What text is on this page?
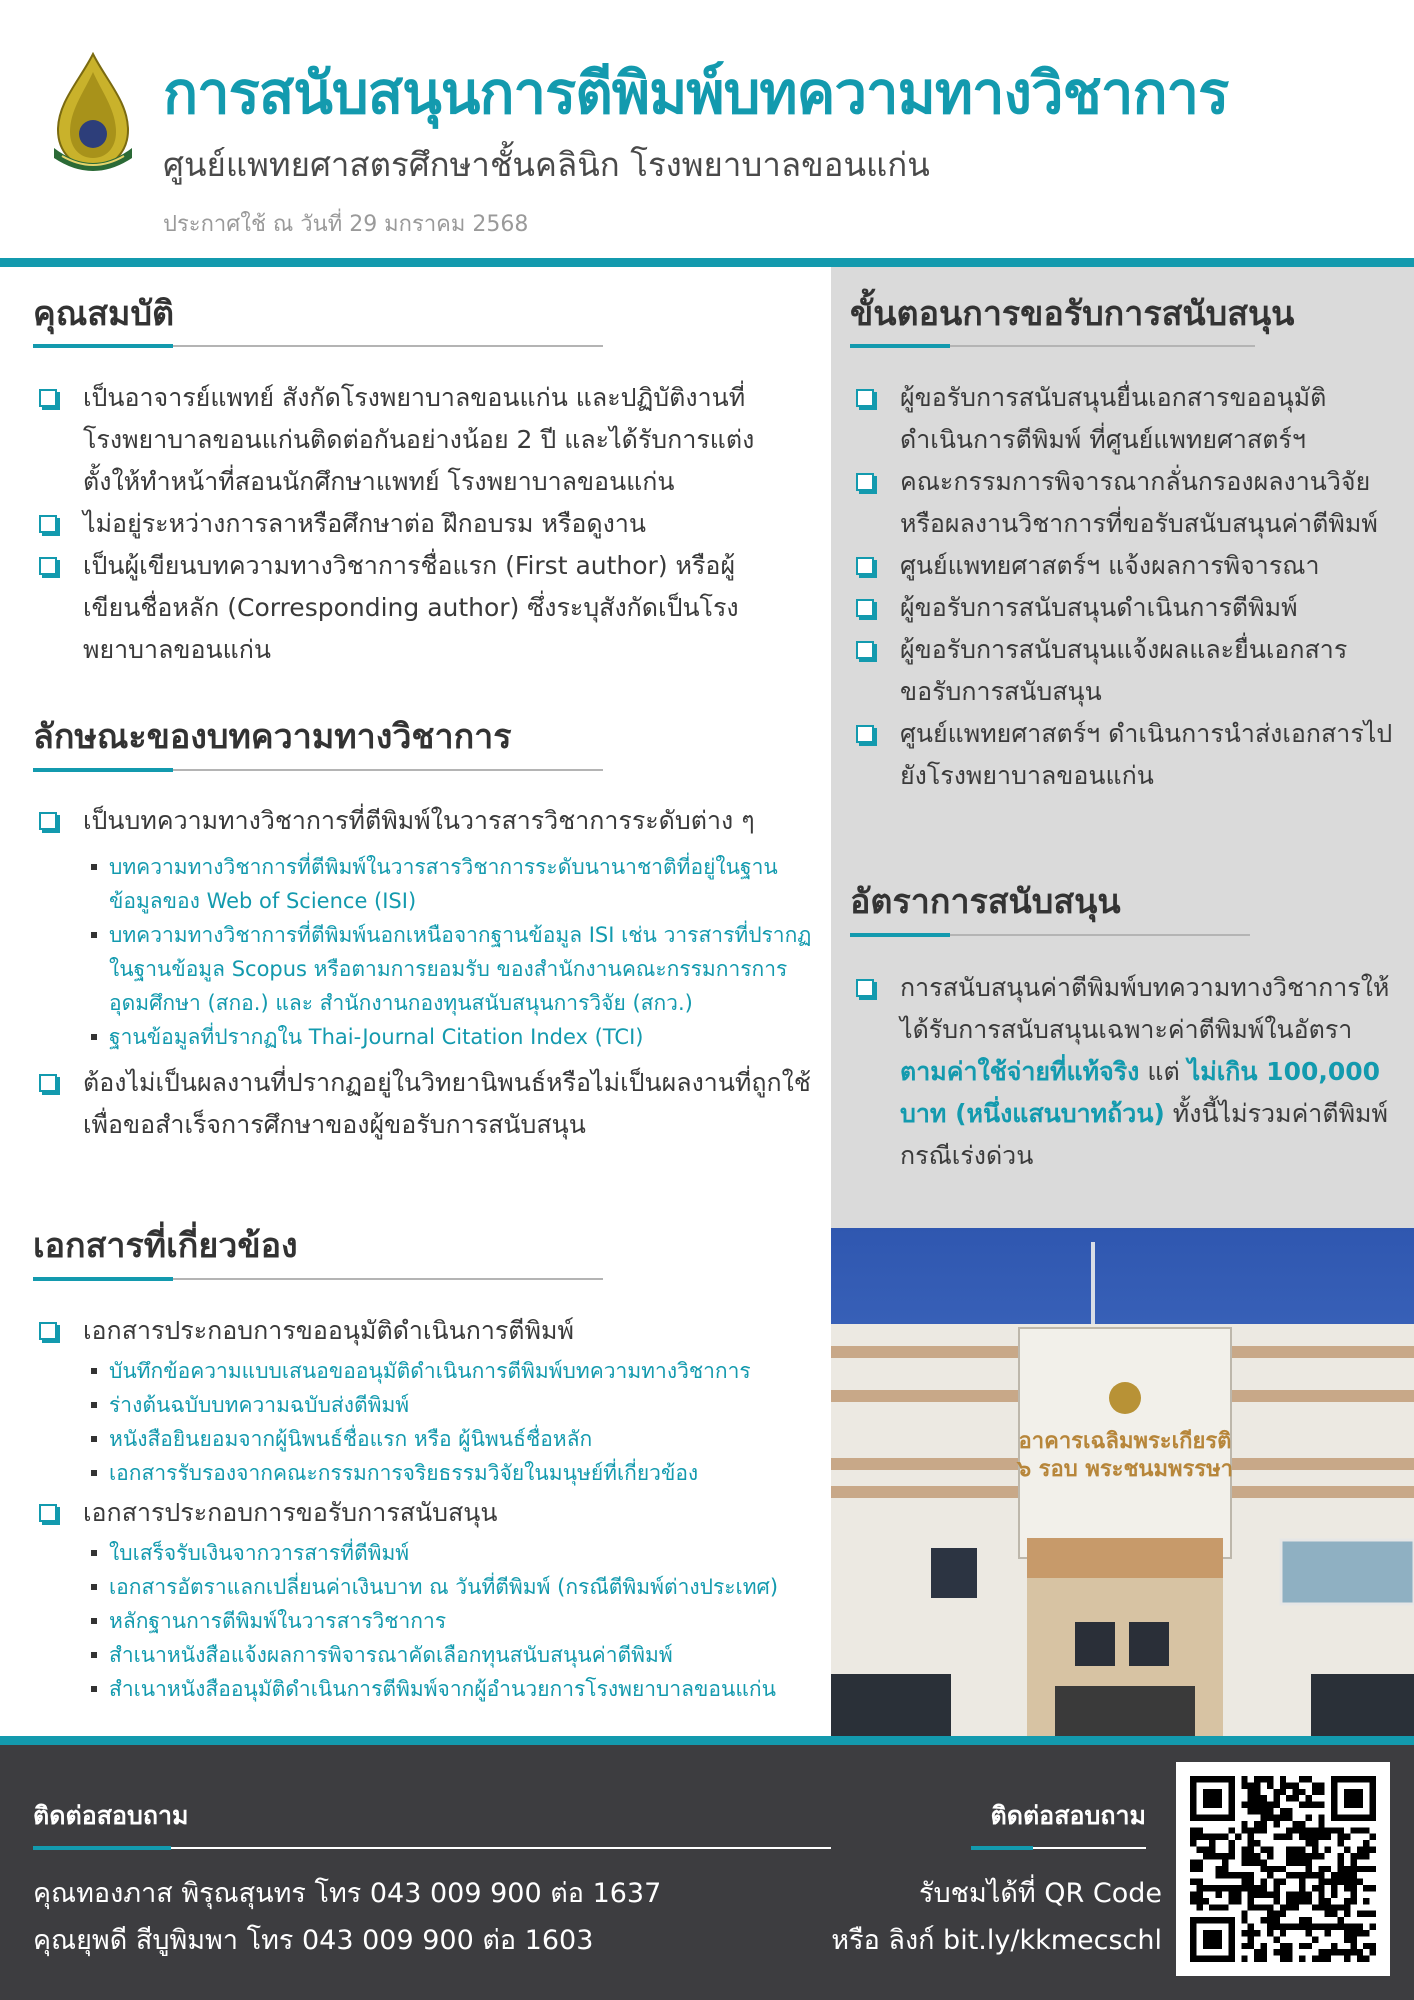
การสนับสนุนการตีพิมพ์บทความทางวิชาการ
ศูนย์แพทยศาสตรศึกษาชั้นคลินิก โรงพยาบาลขอนแก่น
ประกาศใช้ ณ วันที่ 29 มกราคม 2568
คุณสมบัติ
เป็นอาจารย์แพทย์ สังกัดโรงพยาบาลขอนแก่น และปฏิบัติงานที่โรงพยาบาลขอนแก่นติดต่อกันอย่างน้อย 2 ปี และได้รับการแต่งตั้งให้ทำหน้าที่สอนนักศึกษาแพทย์ โรงพยาบาลขอนแก่น
ไม่อยู่ระหว่างการลาหรือศึกษาต่อ ฝึกอบรม หรือดูงาน
เป็นผู้เขียนบทความทางวิชาการชื่อแรก (First author) หรือผู้เขียนชื่อหลัก (Corresponding author) ซึ่งระบุสังกัดเป็นโรงพยาบาลขอนแก่น
ลักษณะของบทความทางวิชาการ
เป็นบทความทางวิชาการที่ตีพิมพ์ในวารสารวิชาการระดับต่าง ๆ
บทความทางวิชาการที่ตีพิมพ์ในวารสารวิชาการระดับนานาชาติที่อยู่ในฐานข้อมูลของ Web of Science (ISI)
บทความทางวิชาการที่ตีพิมพ์นอกเหนือจากฐานข้อมูล ISI เช่น วารสารที่ปรากฏในฐานข้อมูล Scopus หรือตามการยอมรับ ของสำนักงานคณะกรรมการการอุดมศึกษา (สกอ.) และ สำนักงานกองทุนสนับสนุนการวิจัย (สกว.)
ฐานข้อมูลที่ปรากฏใน Thai-Journal Citation Index (TCI)
ต้องไม่เป็นผลงานที่ปรากฏอยู่ในวิทยานิพนธ์หรือไม่เป็นผลงานที่ถูกใช้ เพื่อขอสำเร็จการศึกษาของผู้ขอรับการสนับสนุน
เอกสารที่เกี่ยวข้อง
เอกสารประกอบการขออนุมัติดำเนินการตีพิมพ์
บันทึกข้อความแบบเสนอขออนุมัติดำเนินการตีพิมพ์บทความทางวิชาการ
ร่างต้นฉบับบทความฉบับส่งตีพิมพ์
หนังสือยินยอมจากผู้นิพนธ์ชื่อแรก หรือ ผู้นิพนธ์ชื่อหลัก
เอกสารรับรองจากคณะกรรมการจริยธรรมวิจัยในมนุษย์ที่เกี่ยวข้อง
เอกสารประกอบการขอรับการสนับสนุน
ใบเสร็จรับเงินจากวารสารที่ตีพิมพ์
เอกสารอัตราแลกเปลี่ยนค่าเงินบาท ณ วันที่ตีพิมพ์ (กรณีตีพิมพ์ต่างประเทศ)
หลักฐานการตีพิมพ์ในวารสารวิชาการ
สำเนาหนังสือแจ้งผลการพิจารณาคัดเลือกทุนสนับสนุนค่าตีพิมพ์
สำเนาหนังสืออนุมัติดำเนินการตีพิมพ์จากผู้อำนวยการโรงพยาบาลขอนแก่น
ขั้นตอนการขอรับการสนับสนุน
ผู้ขอรับการสนับสนุนยื่นเอกสารขออนุมัติดำเนินการตีพิมพ์ ที่ศูนย์แพทยศาสตร์ฯ
คณะกรรมการพิจารณากลั่นกรองผลงานวิจัยหรือผลงานวิชาการที่ขอรับสนับสนุนค่าตีพิมพ์
ศูนย์แพทยศาสตร์ฯ แจ้งผลการพิจารณา
ผู้ขอรับการสนับสนุนดำเนินการตีพิมพ์
ผู้ขอรับการสนับสนุนแจ้งผลและยื่นเอกสารขอรับการสนับสนุน
ศูนย์แพทยศาสตร์ฯ ดำเนินการนำส่งเอกสารไปยังโรงพยาบาลขอนแก่น
อัตราการสนับสนุน
การสนับสนุนค่าตีพิมพ์บทความทางวิชาการให้ได้รับการสนับสนุนเฉพาะค่าตีพิมพ์ในอัตรา ตามค่าใช้จ่ายที่แท้จริง แต่ ไม่เกิน 100,000 บาท (หนึ่งแสนบาทถ้วน) ทั้งนี้ไม่รวมค่าตีพิมพ์กรณีเร่งด่วน
อาคารเฉลิมพระเกียรติ
๖ รอบ พระชนมพรรษา
ติดต่อสอบถาม
คุณทองภาส พิรุณสุนทร โทร 043 009 900 ต่อ 1637
คุณยุพดี สีบูพิมพา โทร 043 009 900 ต่อ 1603
ติดต่อสอบถาม
รับชมได้ที่ QR Code
หรือ ลิงก์ bit.ly/kkmecschl
